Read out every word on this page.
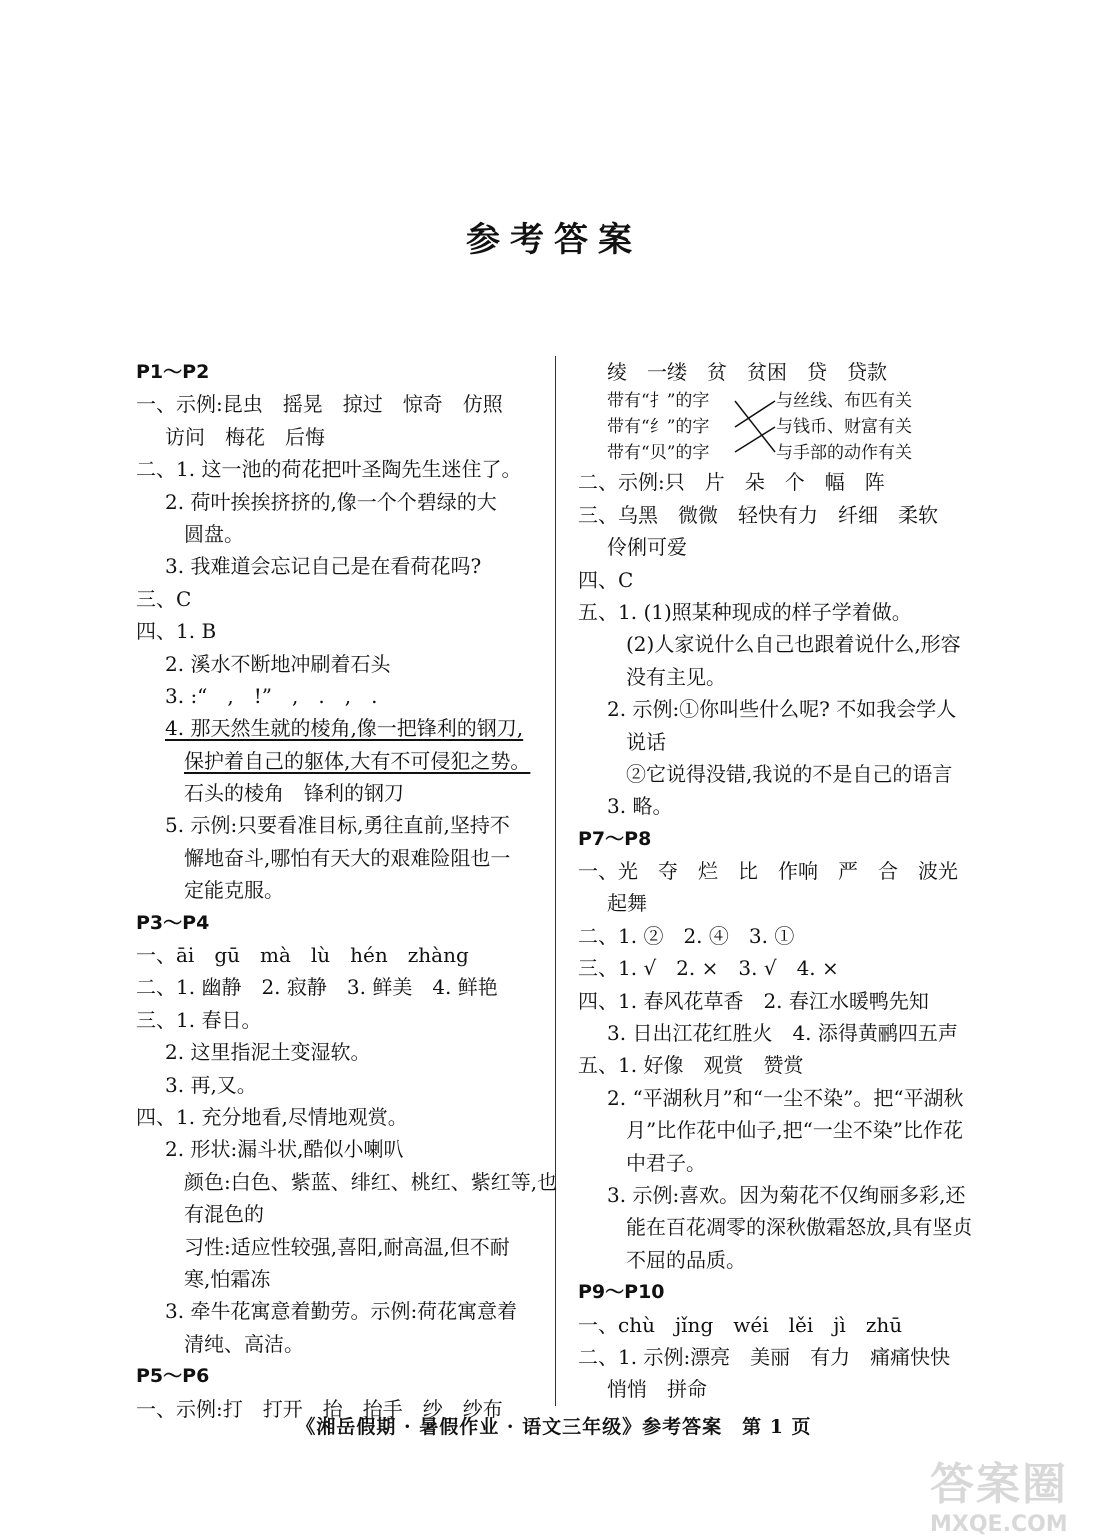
参考答案
P1～P2
一、示例:昆虫　摇晃　掠过　惊奇　仿照
访问　梅花　后悔
二、1. 这一池的荷花把叶圣陶先生迷住了。
2. 荷叶挨挨挤挤的,像一个个碧绿的大
圆盘。
3. 我难道会忘记自己是在看荷花吗?
三、C
四、1. B
2. 溪水不断地冲刷着石头
3. :“　,　!”　,　.　,　.
4. 那天然生就的棱角,像一把锋利的钢刀,
保护着自己的躯体,大有不可侵犯之势。
石头的棱角　锋利的钢刀
5. 示例:只要看准目标,勇往直前,坚持不
懈地奋斗,哪怕有天大的艰难险阻也一
定能克服。
P3～P4
一、āi　gū　mà　lù　hén　zhàng
二、1. 幽静　2. 寂静　3. 鲜美　4. 鲜艳
三、1. 春日。
2. 这里指泥土变湿软。
3. 再,又。
四、1. 充分地看,尽情地观赏。
2. 形状:漏斗状,酷似小喇叭
颜色:白色、紫蓝、绯红、桃红、紫红等,也
有混色的
习性:适应性较强,喜阳,耐高温,但不耐
寒,怕霜冻
3. 牵牛花寓意着勤劳。示例:荷花寓意着
清纯、高洁。
P5～P6
一、示例:打　打开　抬　抬手　纱　纱布
绫　一缕　贫　贫困　贷　贷款
带有“扌”的字
带有“纟”的字
带有“贝”的字
与丝线、布匹有关
与钱币、财富有关
与手部的动作有关
二、示例:只　片　朵　个　幅　阵
三、乌黑　微微　轻快有力　纤细　柔软
伶俐可爱
四、C
五、1. (1)照某种现成的样子学着做。
(2)人家说什么自己也跟着说什么,形容
没有主见。
2. 示例:①你叫些什么呢? 不如我会学人
说话
②它说得没错,我说的不是自己的语言
3. 略。
P7～P8
一、光　夺　烂　比　作响　严　合　波光
起舞
二、1. ②　2. ④　3. ①
三、1. √　2. ×　3. √　4. ×
四、1. 春风花草香　2. 春江水暖鸭先知
3. 日出江花红胜火　4. 添得黄鹂四五声
五、1. 好像　观赏　赞赏
2. “平湖秋月”和“一尘不染”。把“平湖秋
月”比作花中仙子,把“一尘不染”比作花
中君子。
3. 示例:喜欢。因为菊花不仅绚丽多彩,还
能在百花凋零的深秋傲霜怒放,具有坚贞
不屈的品质。
P9～P10
一、chù　jǐng　wéi　lěi　jì　zhū
二、1. 示例:漂亮　美丽　有力　痛痛快快
悄悄　拼命
《湘岳假期 · 暑假作业 · 语文三年级》参考答案　第 1 页
答案圈
MXQE.COM
